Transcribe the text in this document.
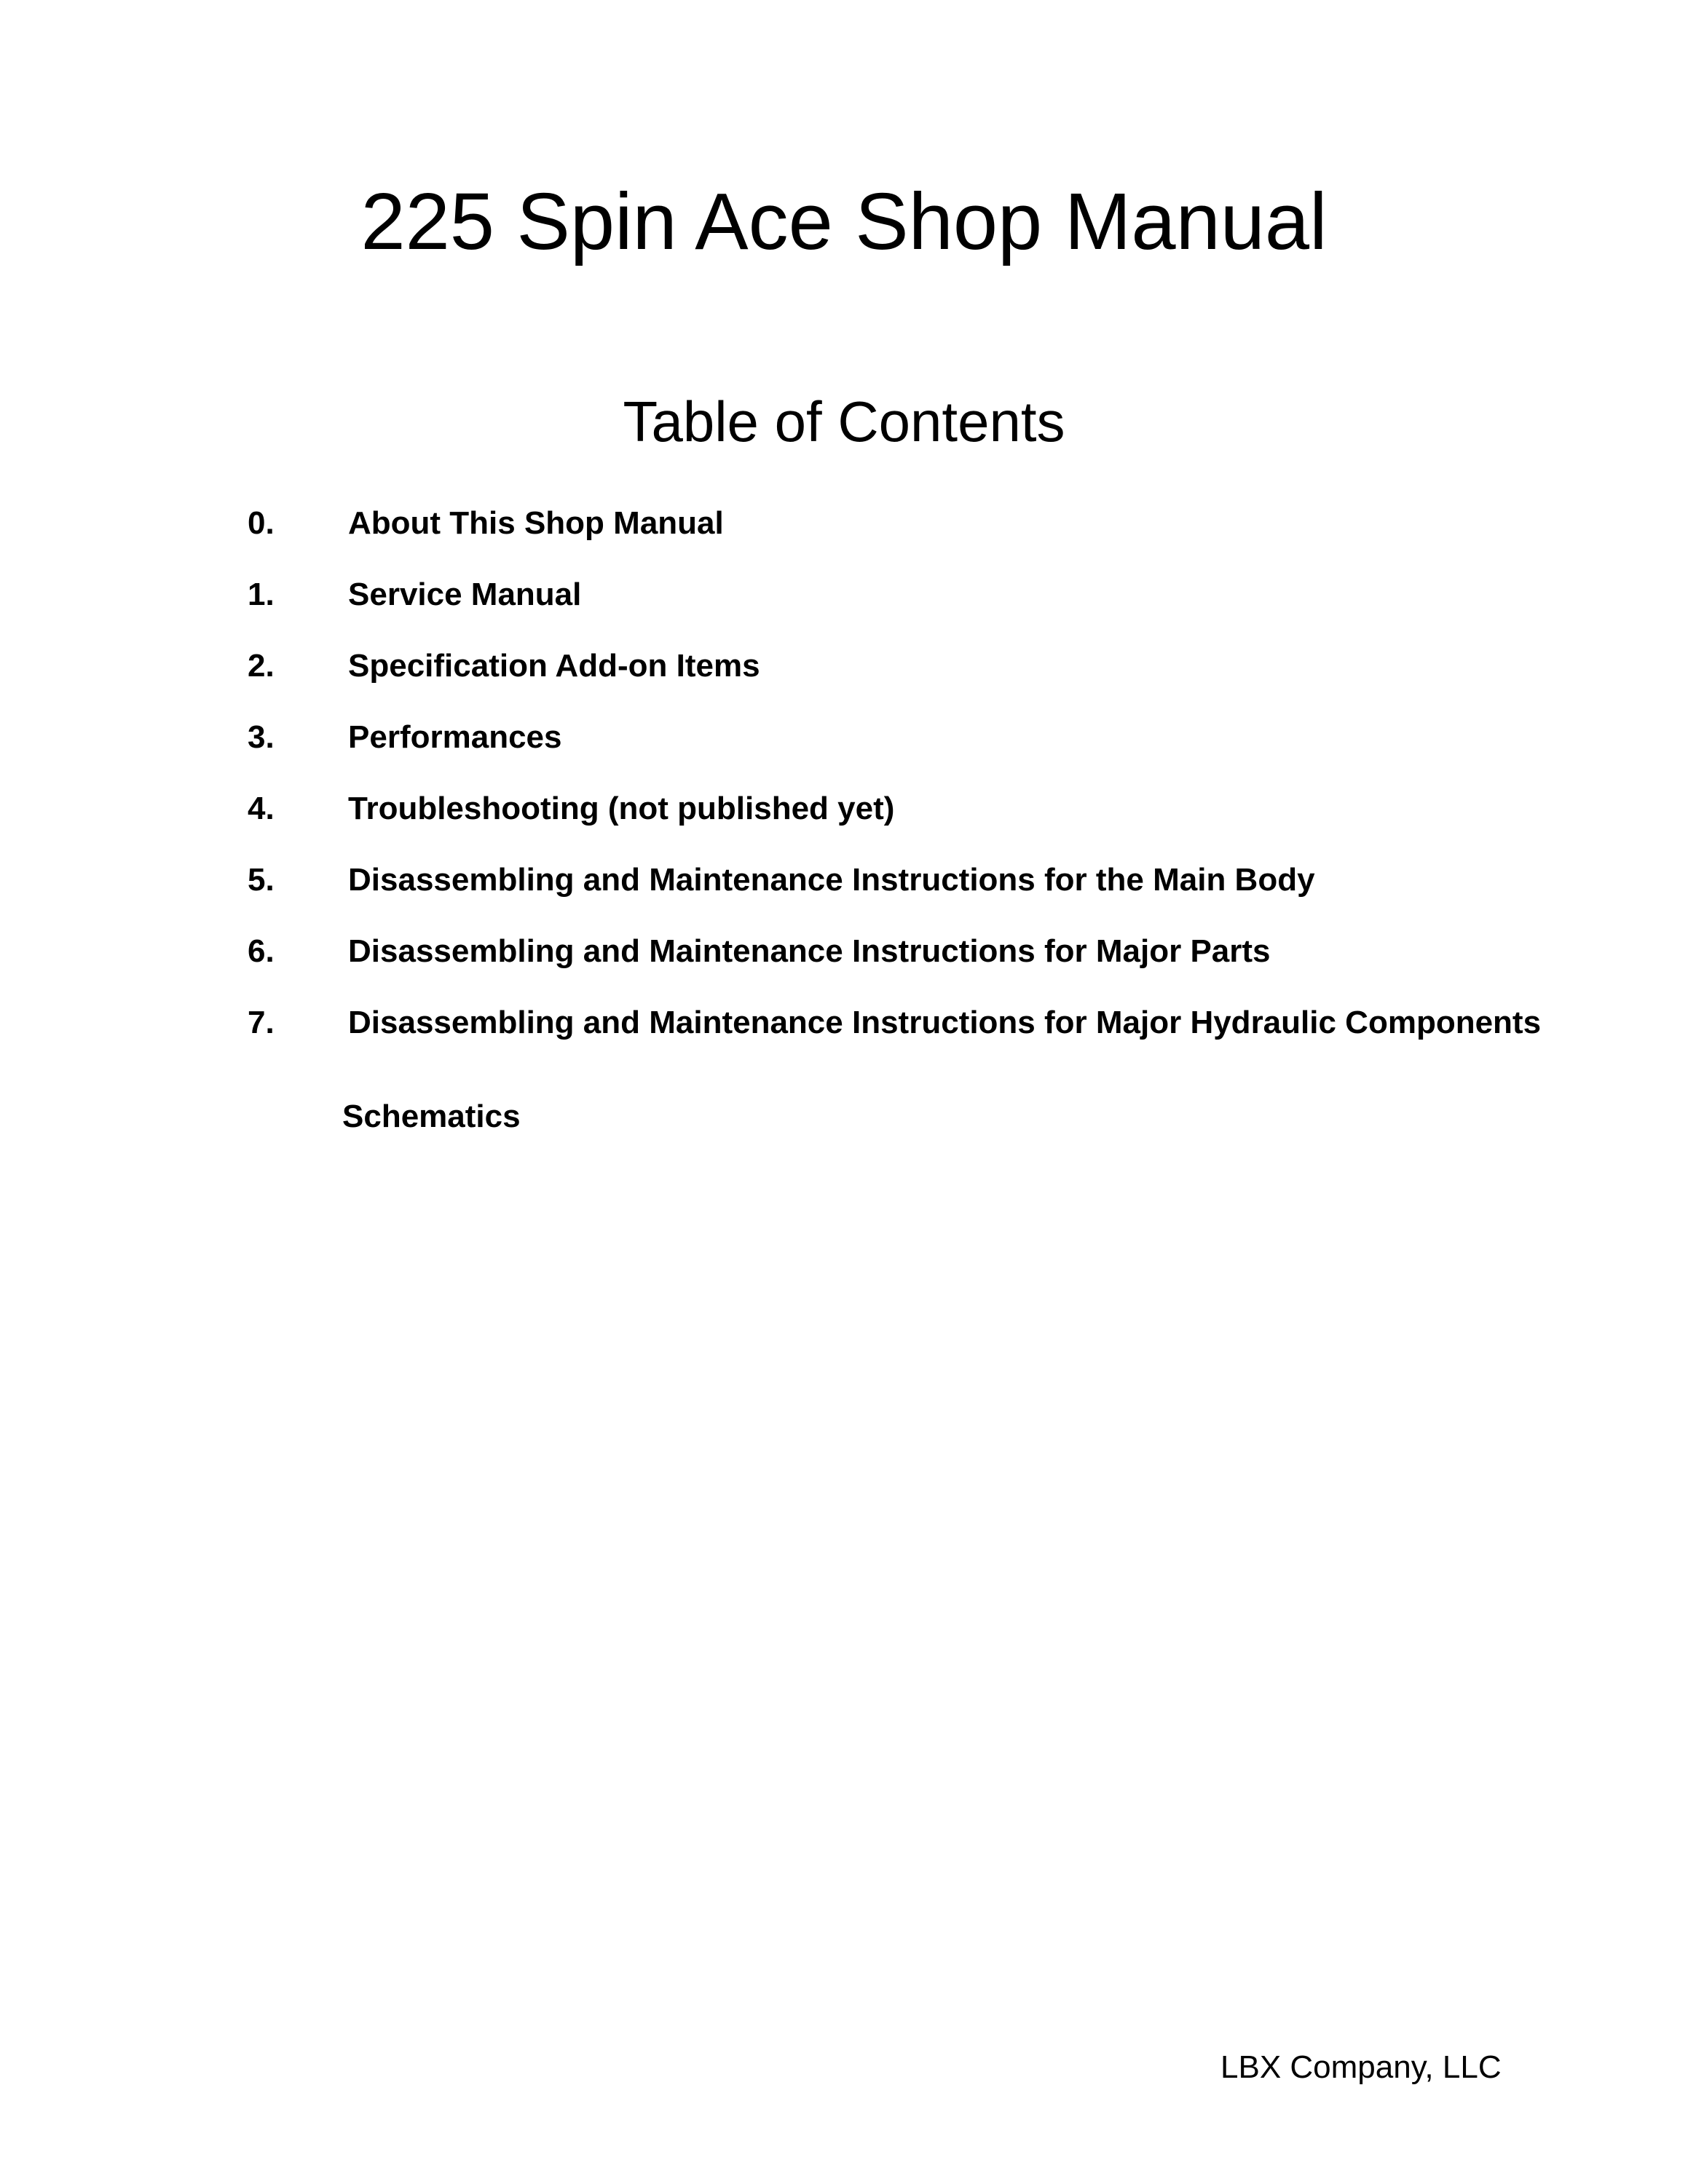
225 Spin Ace Shop Manual
Table of Contents
0. About This Shop Manual
1. Service Manual
2. Specification Add-on Items
3. Performances
4. Troubleshooting (not published yet)
5. Disassembling and Maintenance Instructions for the Main Body
6. Disassembling and Maintenance Instructions for Major Parts
7. Disassembling and Maintenance Instructions for Major Hydraulic Components
Schematics

LBX Company, LLC
